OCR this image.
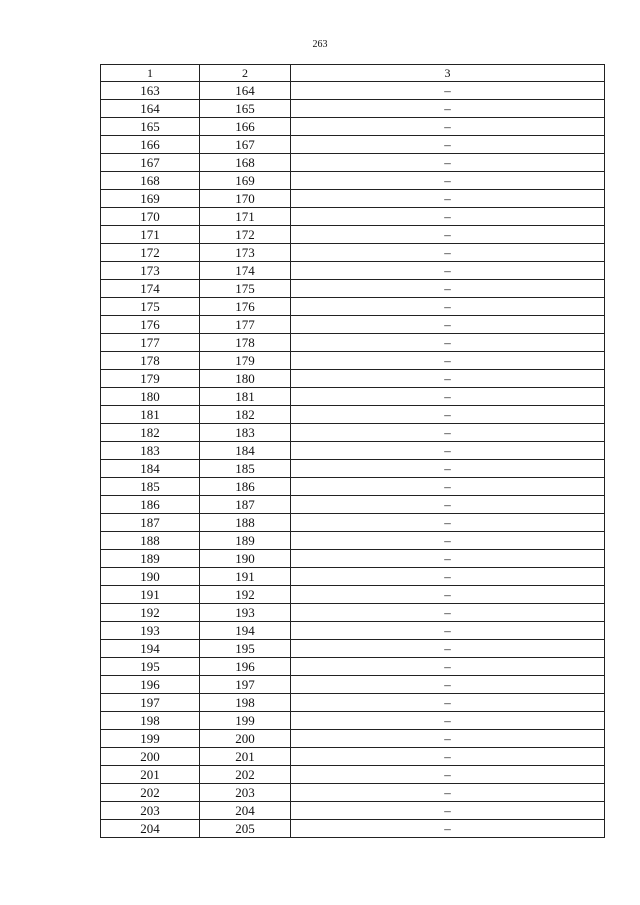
263
1	2	3
163	164	–
164	165	–
165	166	–
166	167	–
167	168	–
168	169	–
169	170	–
170	171	–
171	172	–
172	173	–
173	174	–
174	175	–
175	176	–
176	177	–
177	178	–
178	179	–
179	180	–
180	181	–
181	182	–
182	183	–
183	184	–
184	185	–
185	186	–
186	187	–
187	188	–
188	189	–
189	190	–
190	191	–
191	192	–
192	193	–
193	194	–
194	195	–
195	196	–
196	197	–
197	198	–
198	199	–
199	200	–
200	201	–
201	202	–
202	203	–
203	204	–
204	205	–
